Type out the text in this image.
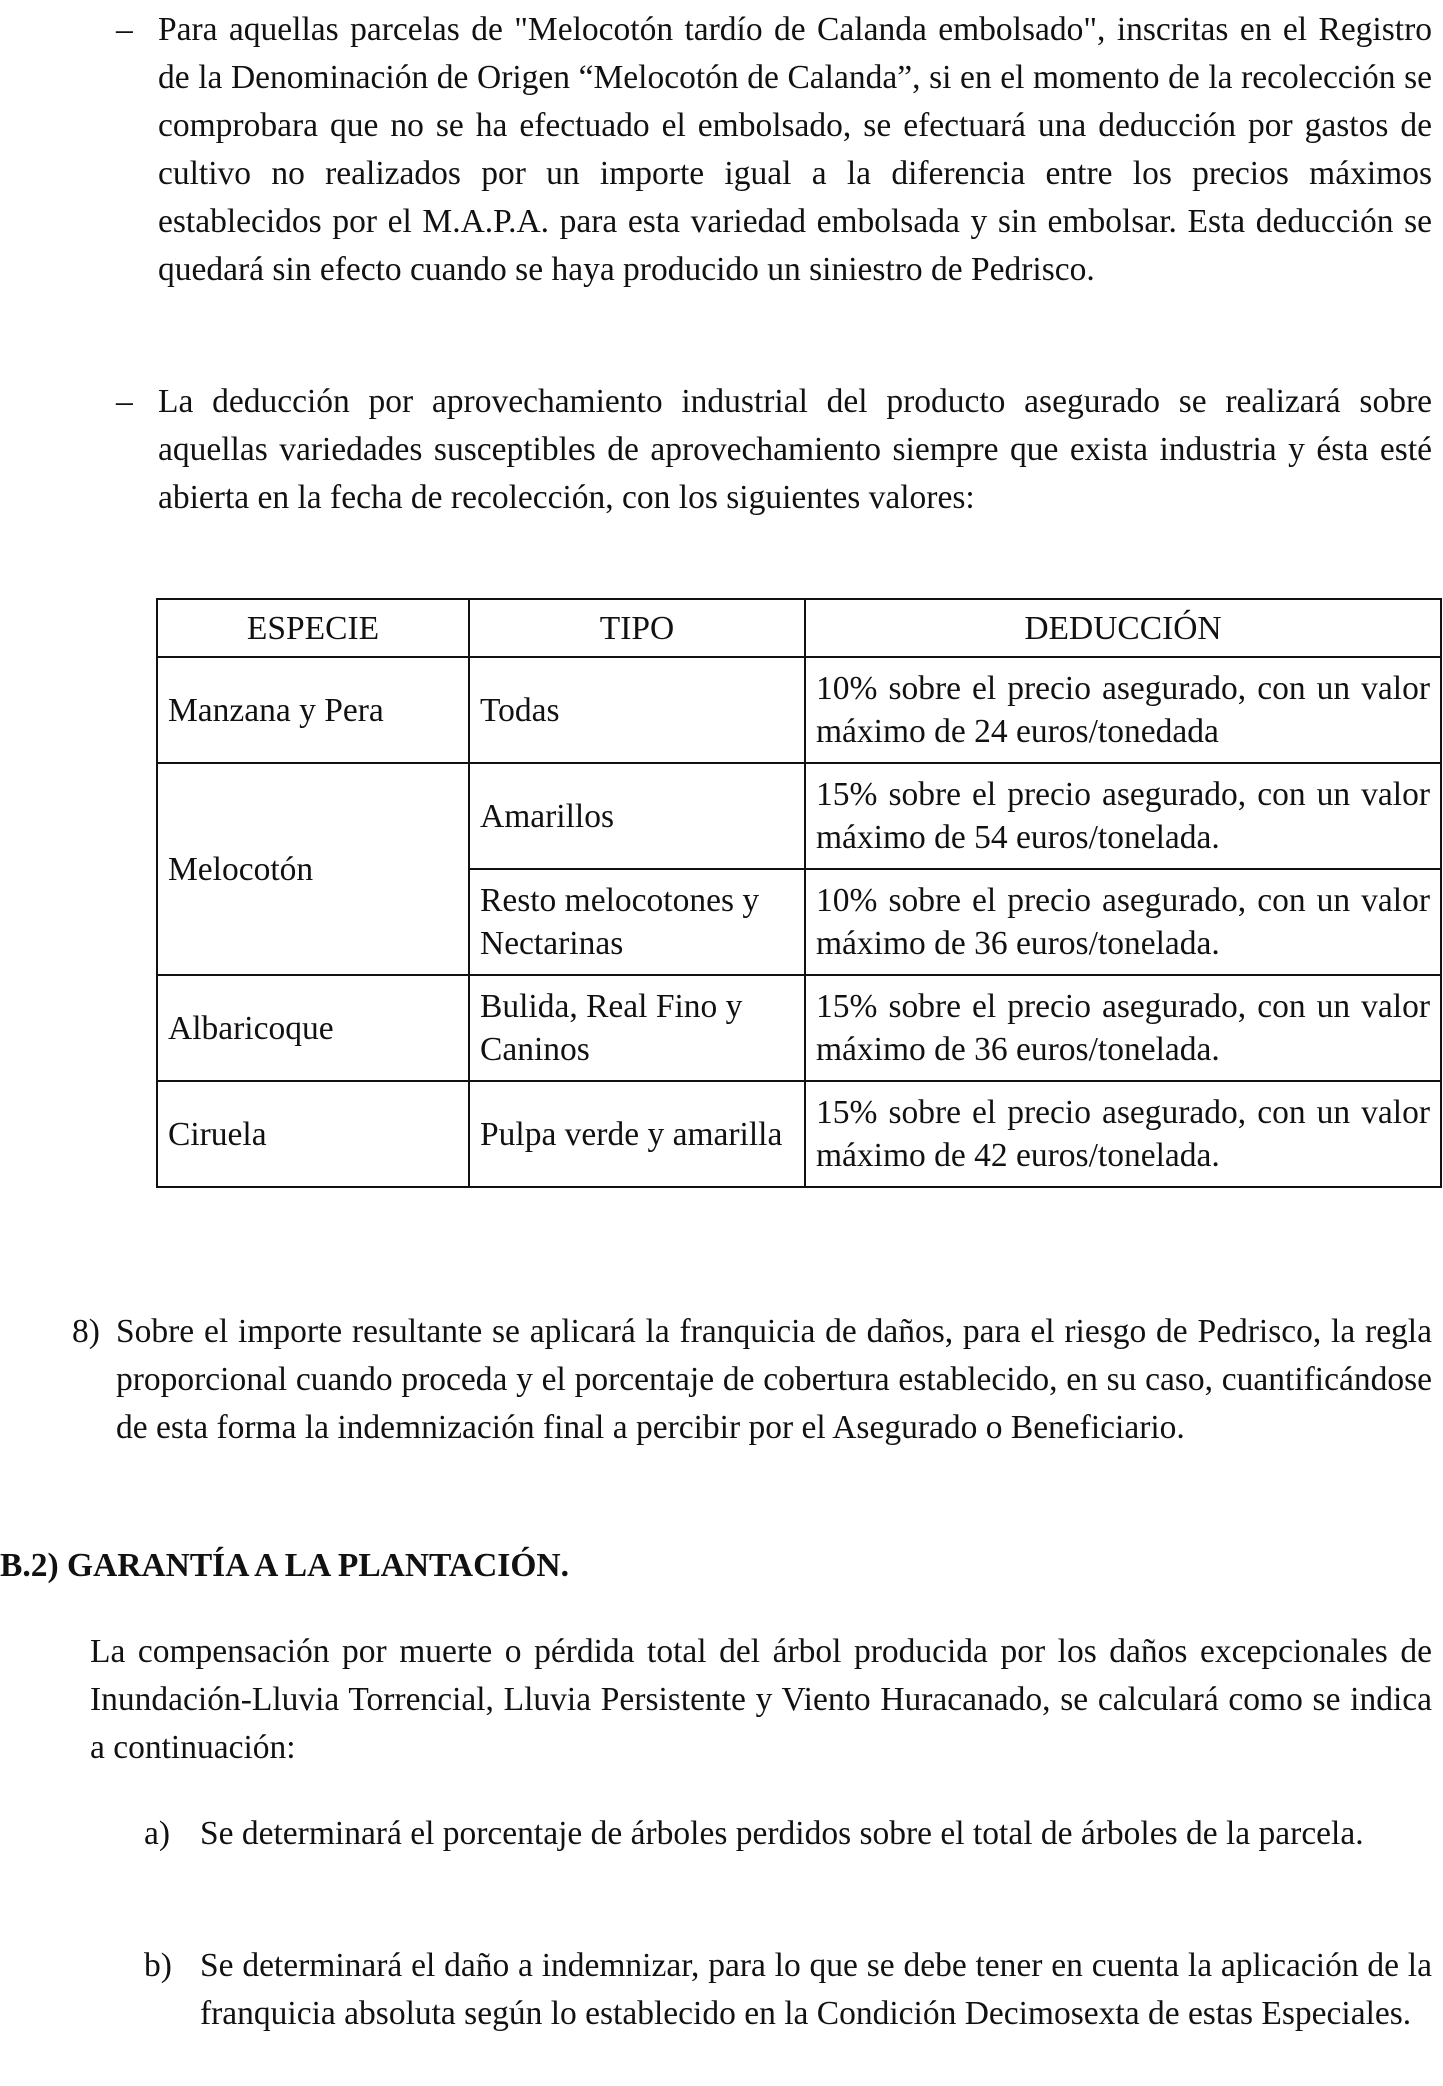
– Para aquellas parcelas de "Melocotón tardío de Calanda embolsado", inscritas en el Registro de la Denominación de Origen “Melocotón de Calanda”, si en el momento de la recolección se comprobara que no se ha efectuado el embolsado, se efectuará una deducción por gastos de cultivo no realizados por un importe igual a la diferencia entre los precios máximos establecidos por el M.A.P.A. para esta variedad embolsada y sin embolsar. Esta deducción se quedará sin efecto cuando se haya producido un siniestro de Pedrisco.
– La deducción por aprovechamiento industrial del producto asegurado se realizará sobre aquellas variedades susceptibles de aprovechamiento siempre que exista industria y ésta esté abierta en la fecha de recolección, con los siguientes valores:
ESPECIE	TIPO	DEDUCCIÓN
Manzana y Pera	Todas	10% sobre el precio asegurado, con un valor máximo de 24 euros/tonedada
Melocotón	Amarillos	15% sobre el precio asegurado, con un valor máximo de 54 euros/tonelada.
	Resto melocotones y Nectarinas	10% sobre el precio asegurado, con un valor máximo de 36 euros/tonelada.
Albaricoque	Bulida, Real Fino y Caninos	15% sobre el precio asegurado, con un valor máximo de 36 euros/tonelada.
Ciruela	Pulpa verde y amarilla	15% sobre el precio asegurado, con un valor máximo de 42 euros/tonelada.
8) Sobre el importe resultante se aplicará la franquicia de daños, para el riesgo de Pedrisco, la regla proporcional cuando proceda y el porcentaje de cobertura establecido, en su caso, cuantificándose de esta forma la indemnización final a percibir por el Asegurado o Beneficiario.
B.2) GARANTÍA A LA PLANTACIÓN.
La compensación por muerte o pérdida total del árbol producida por los daños excepcionales de Inundación-Lluvia Torrencial, Lluvia Persistente y Viento Huracanado, se calculará como se indica a continuación:
a) Se determinará el porcentaje de árboles perdidos sobre el total de árboles de la parcela.
b) Se determinará el daño a indemnizar, para lo que se debe tener en cuenta la aplicación de la franquicia absoluta según lo establecido en la Condición Decimosexta de estas Especiales.
